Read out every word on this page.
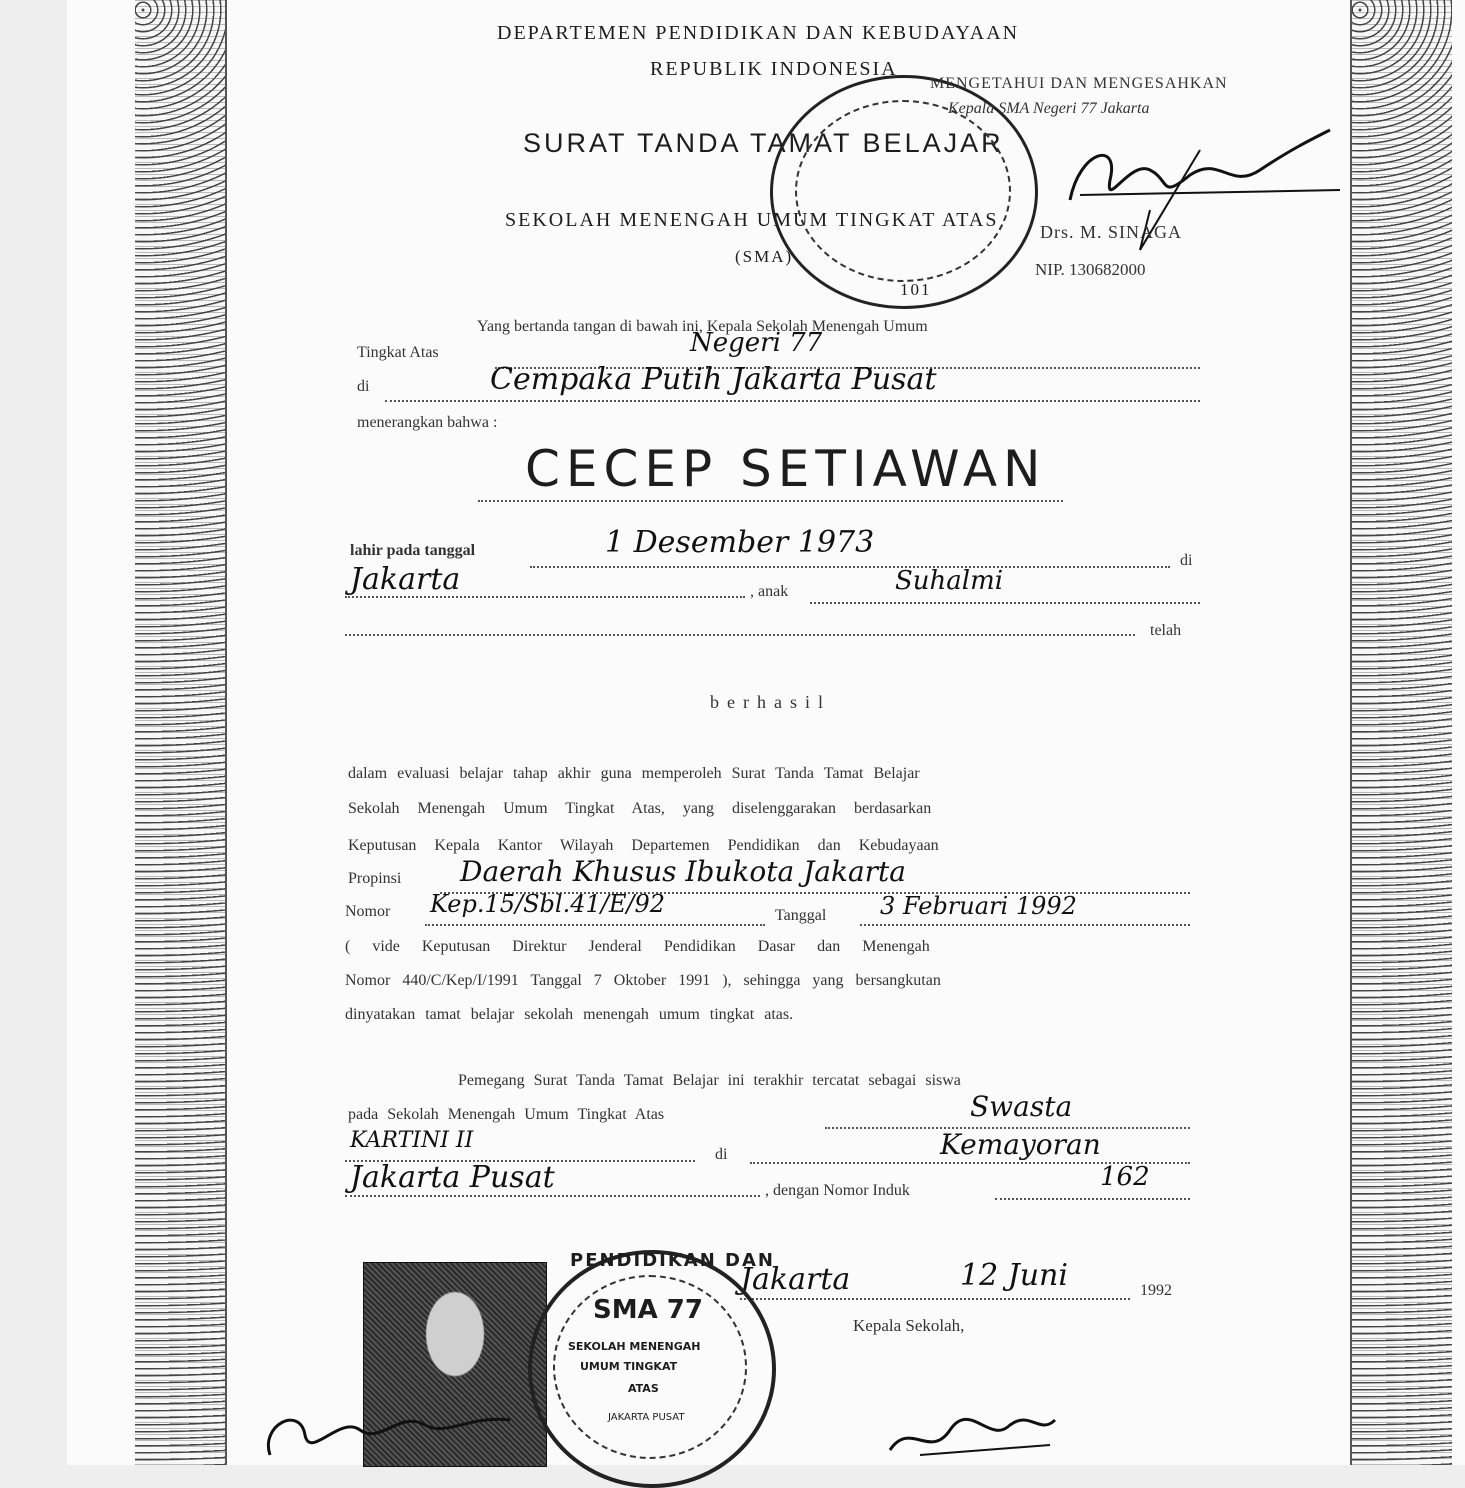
DEPARTEMEN PENDIDIKAN DAN KEBUDAYAAN
REPUBLIK INDONESIA
SURAT TANDA TAMAT BELAJAR
SEKOLAH MENENGAH UMUM TINGKAT ATAS
(SMA)
101
MENGETAHUI DAN MENGESAHKAN
Kepala SMA Negeri 77 Jakarta
Drs. M. SINAGA
NIP. 130682000
Yang bertanda tangan di bawah ini, Kepala Sekolah Menengah Umum
Tingkat Atas	Negeri 77
di	Cempaka Putih Jakarta Pusat
menerangkan bahwa :
CECEP SETIAWAN
lahir pada tanggal	1 Desember 1973
di
Jakarta	, anak	Suhalmi
telah
berhasil
dalam evaluasi belajar tahap akhir guna memperoleh Surat Tanda Tamat Belajar
Sekolah Menengah Umum Tingkat Atas, yang diselenggarakan berdasarkan
Keputusan Kepala Kantor Wilayah Departemen Pendidikan dan Kebudayaan
Propinsi Daerah Khusus Ibukota Jakarta
Nomor Kep.15/Sbl.41/E/92	Tanggal 3 Februari 1992
( vide Keputusan Direktur Jenderal Pendidikan Dasar dan Menengah
Nomor 440/C/Kep/I/1991 Tanggal 7 Oktober 1991 ), sehingga yang bersangkutan
dinyatakan tamat belajar sekolah menengah umum tingkat atas.
Pemegang Surat Tanda Tamat Belajar ini terakhir tercatat sebagai siswa
pada Sekolah Menengah Umum Tingkat Atas	Swasta
KARTINI II
di	Kemayoran
Jakarta Pusat	, dengan Nomor Induk	162
Jakarta	12 Juni	1992
Kepala Sekolah,
PENDIDIKAN DAN
SMA 77
SEKOLAH MENENGAH
UMUM TINGKAT
ATAS
JAKARTA PUSAT
